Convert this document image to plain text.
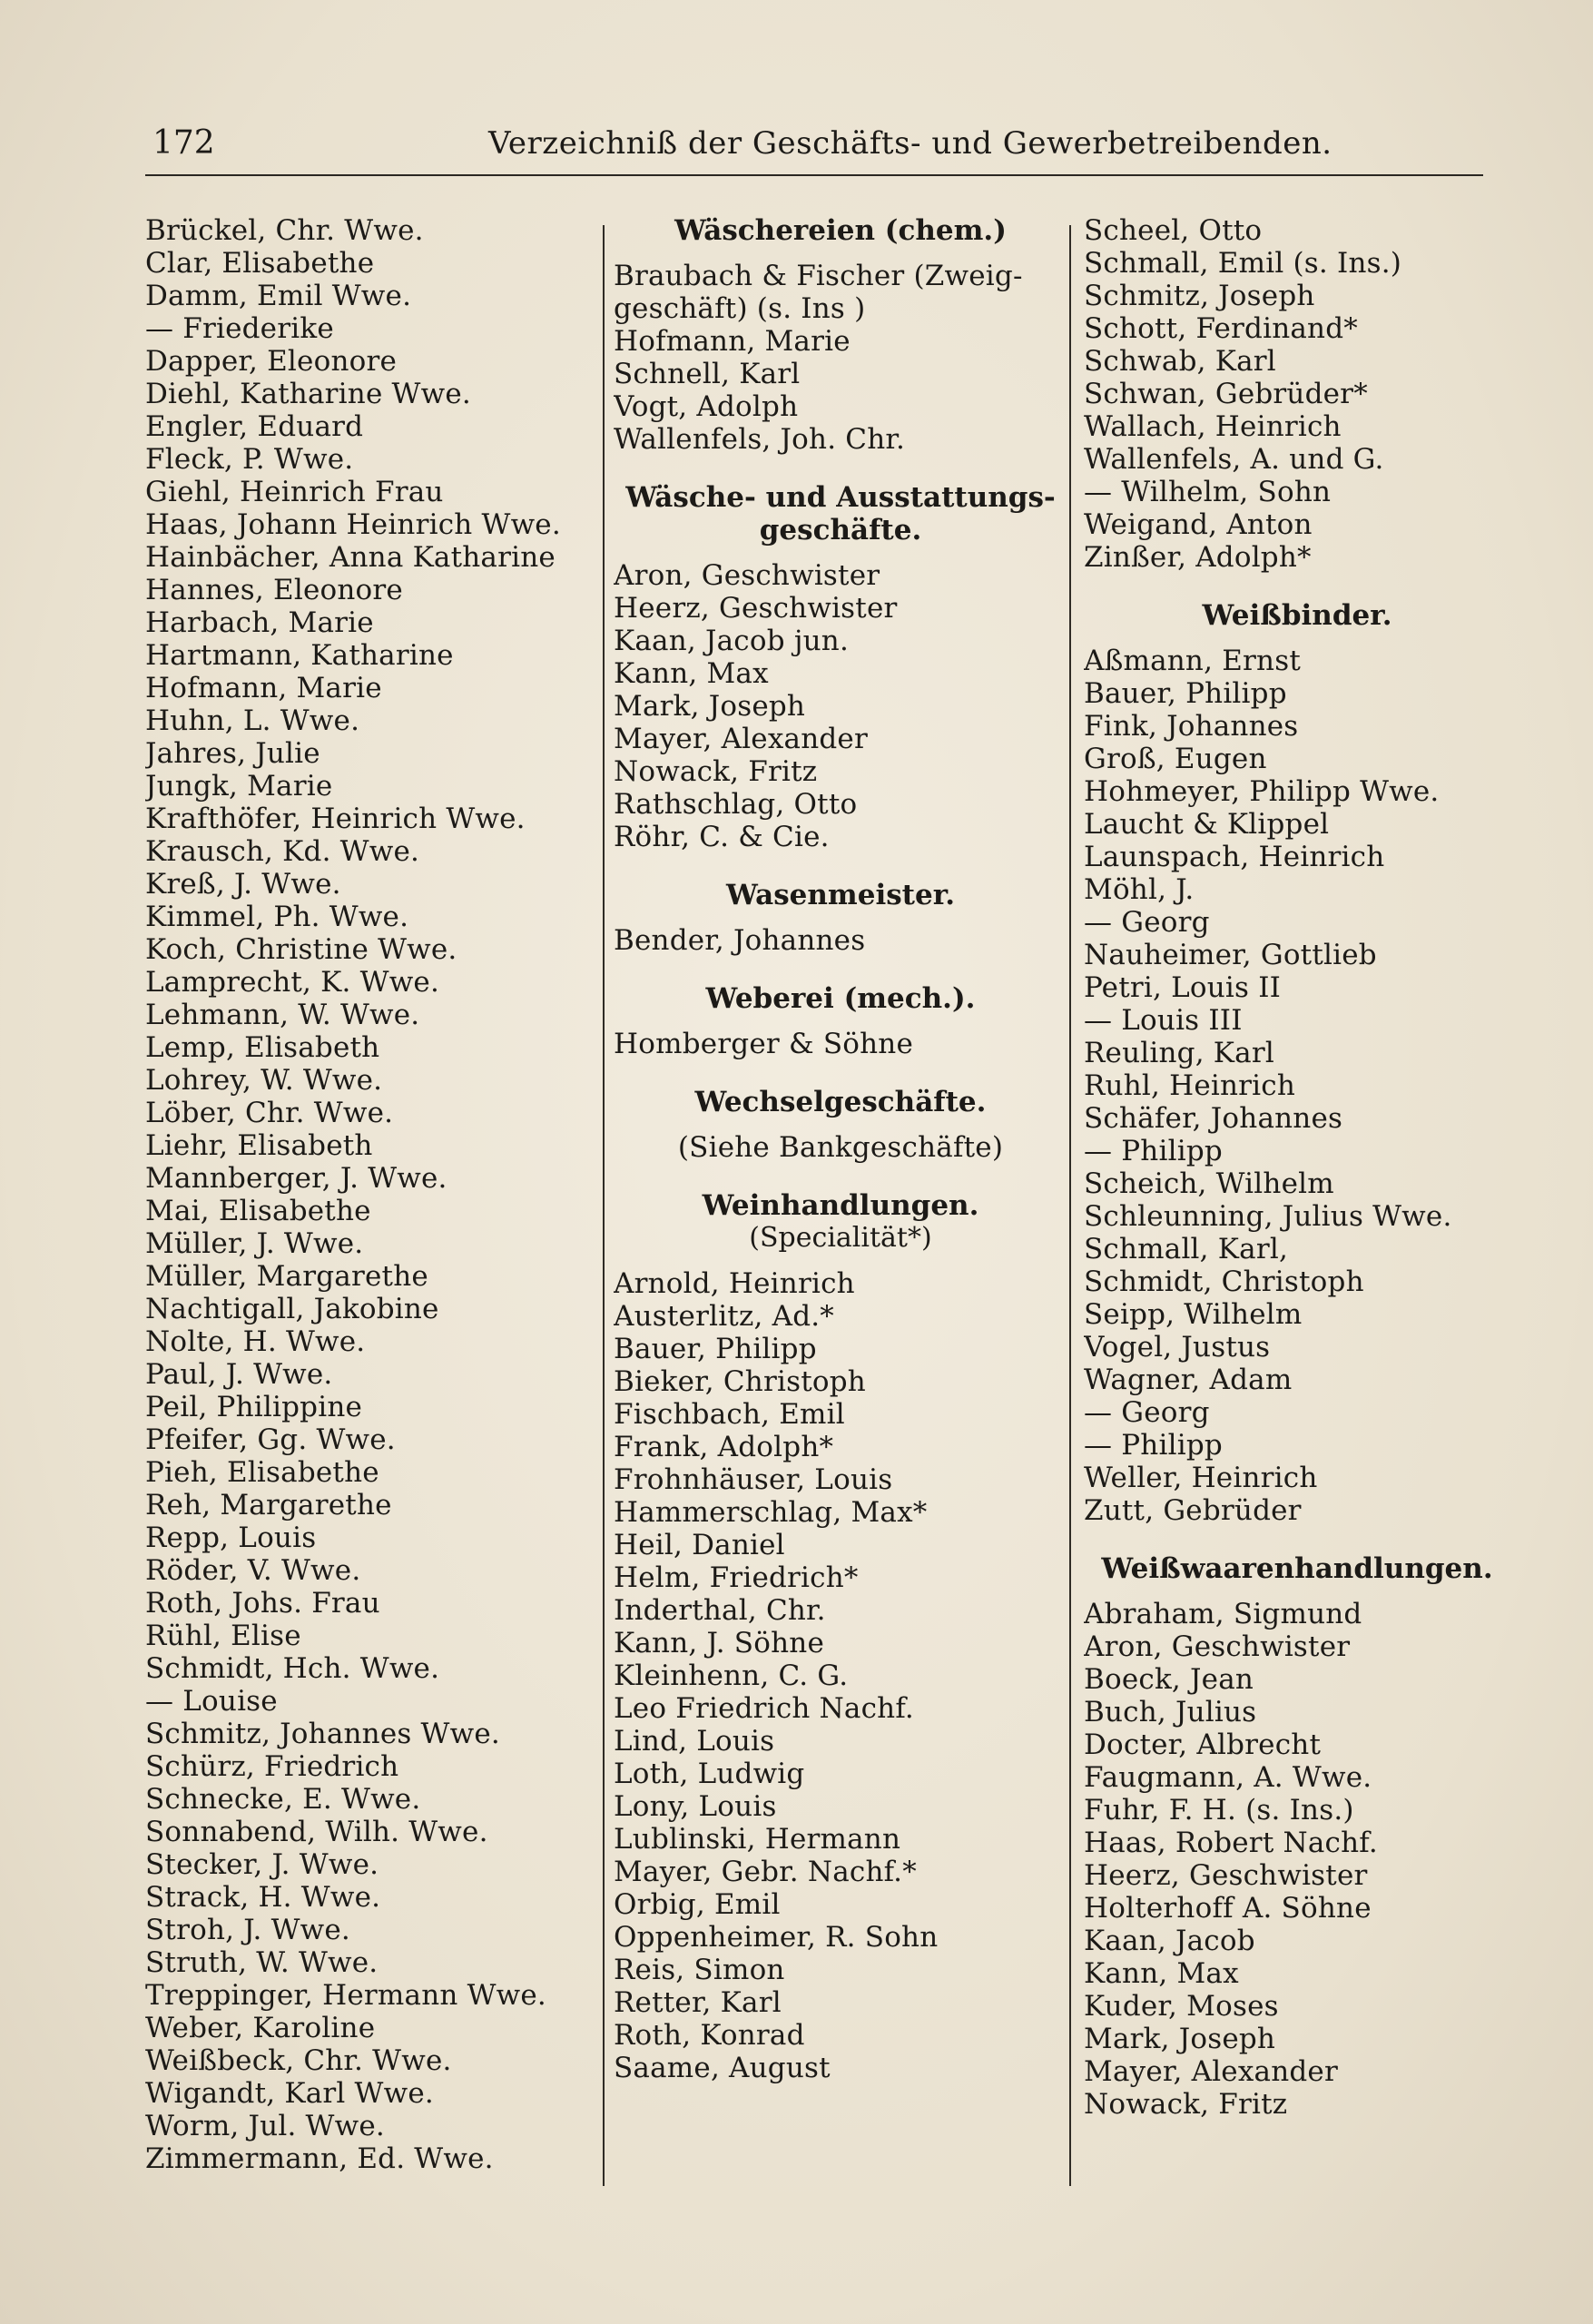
172	Verzeichniß der Geschäfts- und Gewerbetreibenden.
Brückel, Chr. Wwe.
Clar, Elisabethe
Damm, Emil Wwe.
— Friederike
Dapper, Eleonore
Diehl, Katharine Wwe.
Engler, Eduard
Fleck, P. Wwe.
Giehl, Heinrich Frau
Haas, Johann Heinrich Wwe.
Hainbächer, Anna Katharine
Hannes, Eleonore
Harbach, Marie
Hartmann, Katharine
Hofmann, Marie
Huhn, L. Wwe.
Jahres, Julie
Jungk, Marie
Krafthöfer, Heinrich Wwe.
Krausch, Kd. Wwe.
Kreß, J. Wwe.
Kimmel, Ph. Wwe.
Koch, Christine Wwe.
Lamprecht, K. Wwe.
Lehmann, W. Wwe.
Lemp, Elisabeth
Lohrey, W. Wwe.
Löber, Chr. Wwe.
Liehr, Elisabeth
Mannberger, J. Wwe.
Mai, Elisabethe
Müller, J. Wwe.
Müller, Margarethe
Nachtigall, Jakobine
Nolte, H. Wwe.
Paul, J. Wwe.
Peil, Philippine
Pfeifer, Gg. Wwe.
Pieh, Elisabethe
Reh, Margarethe
Repp, Louis
Röder, V. Wwe.
Roth, Johs. Frau
Rühl, Elise
Schmidt, Hch. Wwe.
— Louise
Schmitz, Johannes Wwe.
Schürz, Friedrich
Schnecke, E. Wwe.
Sonnabend, Wilh. Wwe.
Stecker, J. Wwe.
Strack, H. Wwe.
Stroh, J. Wwe.
Struth, W. Wwe.
Treppinger, Hermann Wwe.
Weber, Karoline
Weißbeck, Chr. Wwe.
Wigandt, Karl Wwe.
Worm, Jul. Wwe.
Zimmermann, Ed. Wwe.
Wäschereien (chem.)
Braubach & Fischer (Zweig-
geschäft) (s. Ins )
Hofmann, Marie
Schnell, Karl
Vogt, Adolph
Wallenfels, Joh. Chr.
Wäsche- und Ausstattungs-
geschäfte.
Aron, Geschwister
Heerz, Geschwister
Kaan, Jacob jun.
Kann, Max
Mark, Joseph
Mayer, Alexander
Nowack, Fritz
Rathschlag, Otto
Röhr, C. & Cie.
Wasenmeister.
Bender, Johannes
Weberei (mech.).
Homberger & Söhne
Wechselgeschäfte.
(Siehe Bankgeschäfte)
Weinhandlungen.
(Specialität*)
Arnold, Heinrich
Austerlitz, Ad.*
Bauer, Philipp
Bieker, Christoph
Fischbach, Emil
Frank, Adolph*
Frohnhäuser, Louis
Hammerschlag, Max*
Heil, Daniel
Helm, Friedrich*
Inderthal, Chr.
Kann, J. Söhne
Kleinhenn, C. G.
Leo Friedrich Nachf.
Lind, Louis
Loth, Ludwig
Lony, Louis
Lublinski, Hermann
Mayer, Gebr. Nachf.*
Orbig, Emil
Oppenheimer, R. Sohn
Reis, Simon
Retter, Karl
Roth, Konrad
Saame, August
Scheel, Otto
Schmall, Emil (s. Ins.)
Schmitz, Joseph
Schott, Ferdinand*
Schwab, Karl
Schwan, Gebrüder*
Wallach, Heinrich
Wallenfels, A. und G.
— Wilhelm, Sohn
Weigand, Anton
Zinßer, Adolph*
Weißbinder.
Aßmann, Ernst
Bauer, Philipp
Fink, Johannes
Groß, Eugen
Hohmeyer, Philipp Wwe.
Laucht & Klippel
Launspach, Heinrich
Möhl, J.
— Georg
Nauheimer, Gottlieb
Petri, Louis II
— Louis III
Reuling, Karl
Ruhl, Heinrich
Schäfer, Johannes
— Philipp
Scheich, Wilhelm
Schleunning, Julius Wwe.
Schmall, Karl,
Schmidt, Christoph
Seipp, Wilhelm
Vogel, Justus
Wagner, Adam
— Georg
— Philipp
Weller, Heinrich
Zutt, Gebrüder
Weißwaarenhandlungen.
Abraham, Sigmund
Aron, Geschwister
Boeck, Jean
Buch, Julius
Docter, Albrecht
Faugmann, A. Wwe.
Fuhr, F. H. (s. Ins.)
Haas, Robert Nachf.
Heerz, Geschwister
Holterhoff A. Söhne
Kaan, Jacob
Kann, Max
Kuder, Moses
Mark, Joseph
Mayer, Alexander
Nowack, Fritz
